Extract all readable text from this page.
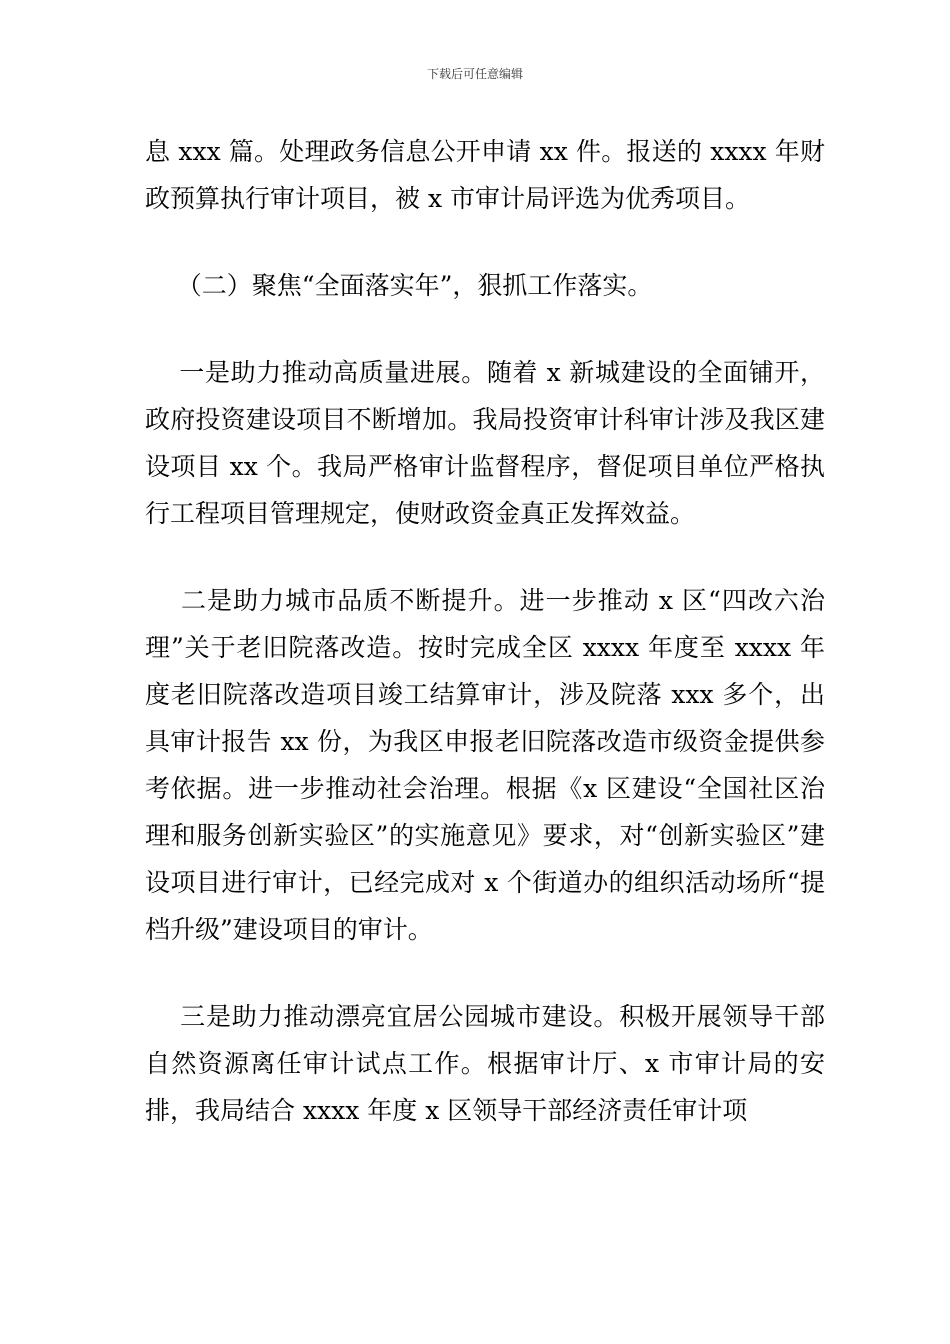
下载后可任意编辑

息 xxx 篇。处理政务信息公开申请 xx 件。报送的 xxxx 年财政预算执行审计项目，被 x 市审计局评选为优秀项目。

（二）聚焦“全面落实年”，狠抓工作落实。

一是助力推动高质量进展。随着 x 新城建设的全面铺开，政府投资建设项目不断增加。我局投资审计科审计涉及我区建设项目 xx 个。我局严格审计监督程序，督促项目单位严格执行工程项目管理规定，使财政资金真正发挥效益。

二是助力城市品质不断提升。进一步推动 x 区“四改六治理”关于老旧院落改造。按时完成全区 xxxx 年度至 xxxx 年度老旧院落改造项目竣工结算审计，涉及院落 xxx 多个，出具审计报告 xx 份，为我区申报老旧院落改造市级资金提供参考依据。进一步推动社会治理。根据《x 区建设“全国社区治理和服务创新实验区”的实施意见》要求，对“创新实验区”建设项目进行审计，已经完成对 x 个街道办的组织活动场所“提档升级”建设项目的审计。

三是助力推动漂亮宜居公园城市建设。积极开展领导干部自然资源离任审计试点工作。根据审计厅、x 市审计局的安排，我局结合 xxxx 年度 x 区领导干部经济责任审计项
